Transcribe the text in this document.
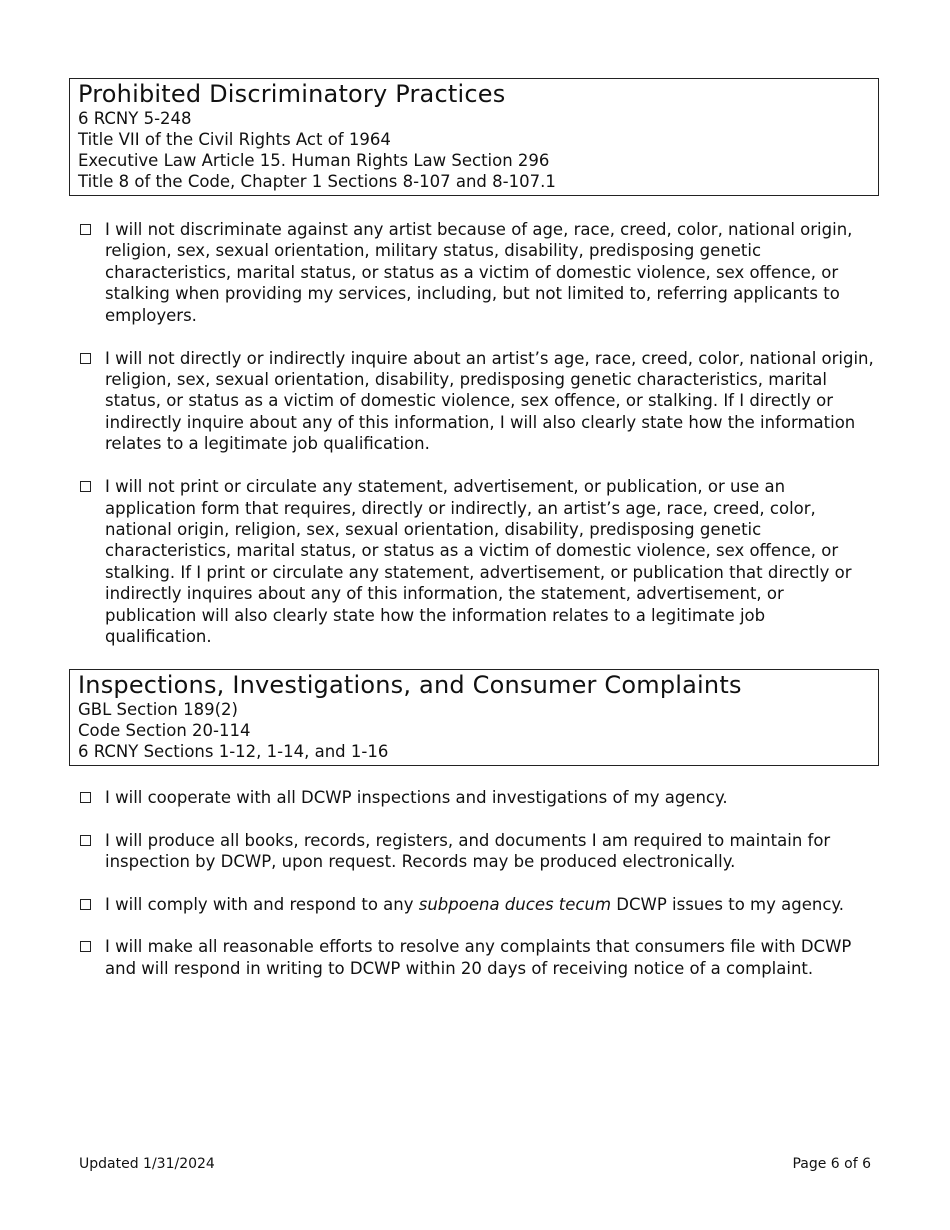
Prohibited Discriminatory Practices
6 RCNY 5-248
Title VII of the Civil Rights Act of 1964
Executive Law Article 15. Human Rights Law Section 296
Title 8 of the Code, Chapter 1 Sections 8-107 and 8-107.1
I will not discriminate against any artist because of age, race, creed, color, national origin, religion, sex, sexual orientation, military status, disability, predisposing genetic characteristics, marital status, or status as a victim of domestic violence, sex offence, or stalking when providing my services, including, but not limited to, referring applicants to employers.
I will not directly or indirectly inquire about an artist’s age, race, creed, color, national origin, religion, sex, sexual orientation, disability, predisposing genetic characteristics, marital status, or status as a victim of domestic violence, sex offence, or stalking. If I directly or indirectly inquire about any of this information, I will also clearly state how the information relates to a legitimate job qualification.
I will not print or circulate any statement, advertisement, or publication, or use an application form that requires, directly or indirectly, an artist’s age, race, creed, color, national origin, religion, sex, sexual orientation, disability, predisposing genetic characteristics, marital status, or status as a victim of domestic violence, sex offence, or stalking. If I print or circulate any statement, advertisement, or publication that directly or indirectly inquires about any of this information, the statement, advertisement, or publication will also clearly state how the information relates to a legitimate job qualification.
Inspections, Investigations, and Consumer Complaints
GBL Section 189(2)
Code Section 20-114
6 RCNY Sections 1-12, 1-14, and 1-16
I will cooperate with all DCWP inspections and investigations of my agency.
I will produce all books, records, registers, and documents I am required to maintain for inspection by DCWP, upon request. Records may be produced electronically.
I will comply with and respond to any subpoena duces tecum DCWP issues to my agency.
I will make all reasonable efforts to resolve any complaints that consumers file with DCWP and will respond in writing to DCWP within 20 days of receiving notice of a complaint.
Updated 1/31/2024	Page 6 of 6
